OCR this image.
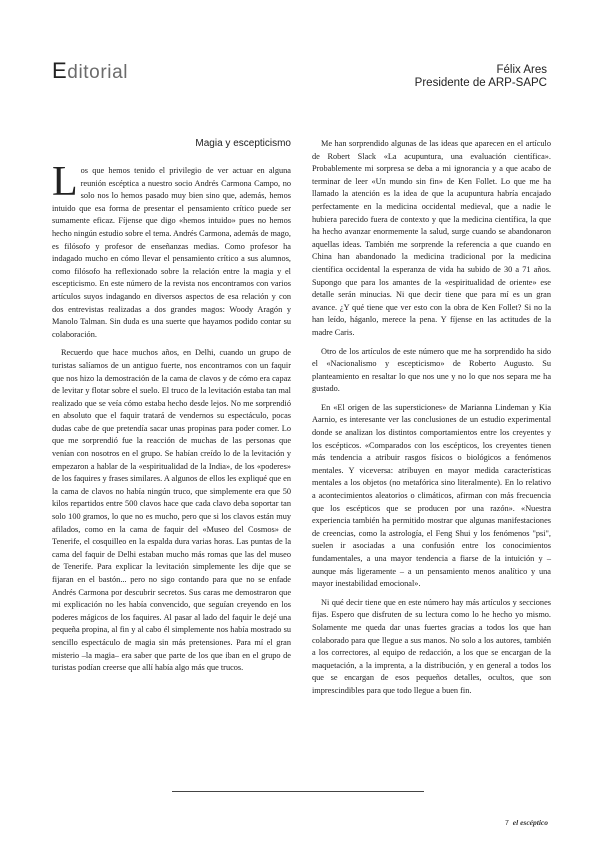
Editorial	Félix Ares
Presidente de ARP-SAPC
Magia y escepticismo

Los que hemos tenido el privilegio de ver actuar en alguna reunión escéptica a nuestro socio Andrés Carmona Campo, no solo nos lo hemos pasado muy bien sino que, además, hemos intuido que esa forma de presentar el pensamiento crítico puede ser sumamente eficaz. Fíjense que digo «hemos intuido» pues no hemos hecho ningún estudio sobre el tema. Andrés Carmona, además de mago, es filósofo y profesor de enseñanzas medias. Como profesor ha indagado mucho en cómo llevar el pensamiento crítico a sus alumnos, como filósofo ha reflexionado sobre la relación entre la magia y el escepticismo. En este número de la revista nos encontramos con varios artículos suyos indagando en diversos aspectos de esa relación y con dos entrevistas realizadas a dos grandes magos: Woody Aragón y Manolo Talman. Sin duda es una suerte que hayamos podido contar su colaboración.

Recuerdo que hace muchos años, en Delhi, cuando un grupo de turistas salíamos de un antiguo fuerte, nos encontramos con un faquir que nos hizo la demostración de la cama de clavos y de cómo era capaz de levitar y flotar sobre el suelo. El truco de la levitación estaba tan mal realizado que se veía cómo estaba hecho desde lejos. No me sorprendió en absoluto que el faquir tratará de vendernos su espectáculo, pocas dudas cabe de que pretendía sacar unas propinas para poder comer. Lo que me sorprendió fue la reacción de muchas de las personas que venían con nosotros en el grupo. Se habían creído lo de la levitación y empezaron a hablar de la «espiritualidad de la India», de los «poderes» de los faquires y frases similares. A algunos de ellos les expliqué que en la cama de clavos no había ningún truco, que simplemente era que 50 kilos repartidos entre 500 clavos hace que cada clavo deba soportar tan solo 100 gramos, lo que no es mucho, pero que si los clavos están muy afilados, como en la cama de faquir del «Museo del Cosmos» de Tenerife, el cosquilleo en la espalda dura varias horas. Las puntas de la cama del faquir de Delhi estaban mucho más romas que las del museo de Tenerife. Para explicar la levitación simplemente les dije que se fijaran en el bastón... pero no sigo contando para que no se enfade Andrés Carmona por descubrir secretos. Sus caras me demostraron que mi explicación no les había convencido, que seguían creyendo en los poderes mágicos de los faquires. Al pasar al lado del faquir le dejé una pequeña propina, al fin y al cabo él simplemente nos había mostrado su sencillo espectáculo de magia sin más pretensiones. Para mí el gran misterio –la magia– era saber que parte de los que iban en el grupo de turistas podían creerse que allí había algo más que trucos.

Me han sorprendido algunas de las ideas que aparecen en el artículo de Robert Slack «La acupuntura, una evaluación científica». Probablemente mi sorpresa se deba a mi ignorancia y a que acabo de terminar de leer «Un mundo sin fin» de Ken Follet. Lo que me ha llamado la atención es la idea de que la acupuntura habría encajado perfectamente en la medicina occidental medieval, que a nadie le hubiera parecido fuera de contexto y que la medicina científica, la que ha hecho avanzar enormemente la salud, surge cuando se abandonaron aquellas ideas. También me sorprende la referencia a que cuando en China han abandonado la medicina tradicional por la medicina científica occidental la esperanza de vida ha subido de 30 a 71 años. Supongo que para los amantes de la «espiritualidad de oriente» ese detalle serán minucias. Ni que decir tiene que para mí es un gran avance. ¿Y qué tiene que ver esto con la obra de Ken Follet? Si no la han leído, háganlo, merece la pena. Y fíjense en las actitudes de la madre Caris.

Otro de los artículos de este número que me ha sorprendido ha sido el «Nacionalismo y escepticismo» de Roberto Augusto. Su planteamiento en resaltar lo que nos une y no lo que nos separa me ha gustado.

En «El origen de las supersticiones» de Marianna Lindeman y Kia Aarnio, es interesante ver las conclusiones de un estudio experimental donde se analizan los distintos comportamientos entre los creyentes y los escépticos. «Comparados con los escépticos, los creyentes tienen más tendencia a atribuir rasgos físicos o biológicos a fenómenos mentales. Y viceversa: atribuyen en mayor medida características mentales a los objetos (no metafórica sino literalmente). En lo relativo a acontecimientos aleatorios o climáticos, afirman con más frecuencia que los escépticos que se producen por una razón». «Nuestra experiencia también ha permitido mostrar que algunas manifestaciones de creencias, como la astrología, el Feng Shui y los fenómenos "psi", suelen ir asociadas a una confusión entre los conocimientos fundamentales, a una mayor tendencia a fiarse de la intuición y –aunque más ligeramente – a un pensamiento menos analítico y una mayor inestabilidad emocional».

Ni qué decir tiene que en este número hay más artículos y secciones fijas. Espero que disfruten de su lectura como lo he hecho yo mismo. Solamente me queda dar unas fuertes gracias a todos los que han colaborado para que llegue a sus manos. No solo a los autores, también a los correctores, al equipo de redacción, a los que se encargan de la maquetación, a la imprenta, a la distribución, y en general a todos los que se encargan de esos pequeños detalles, ocultos, que son imprescindibles para que todo llegue a buen fin.

7 el escéptico
